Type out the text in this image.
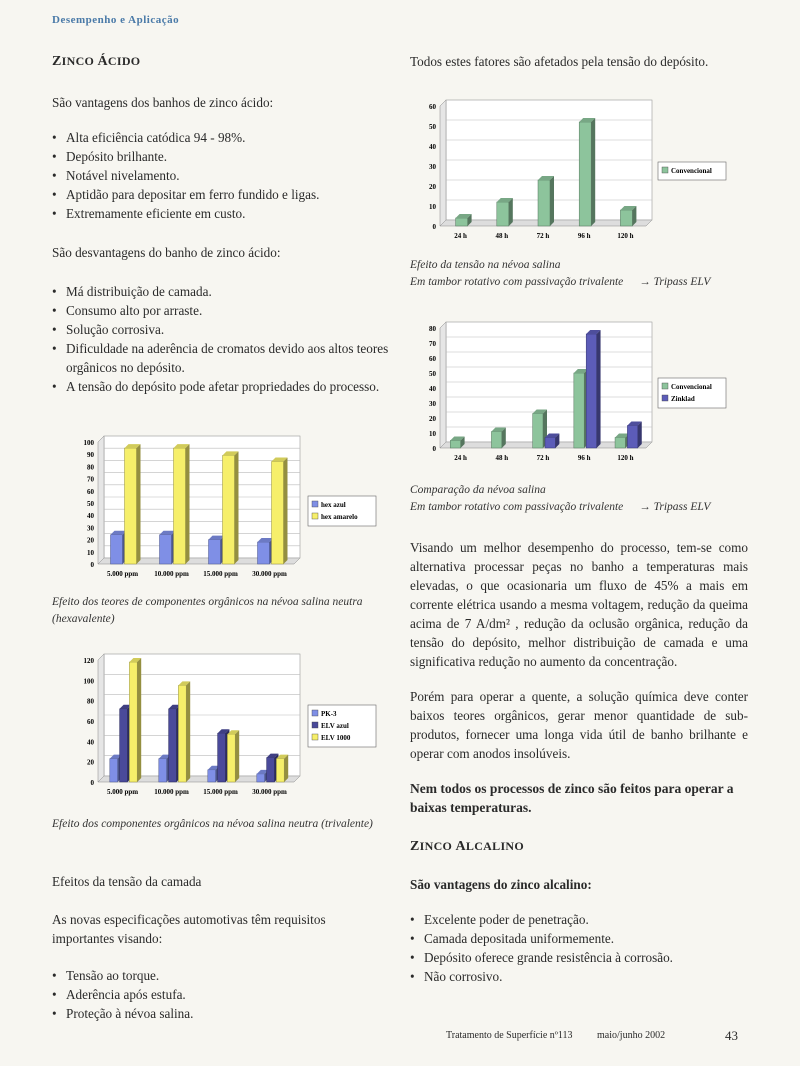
Desempenho e Aplicação
ZINCO ÁCIDO

São vantagens dos banhos de zinco ácido:

• Alta eficiência catódica 94 - 98%.
• Depósito brilhante.
• Notável nivelamento.
• Aptidão para depositar em ferro fundido e ligas.
• Extremamente eficiente em custo.

São desvantagens do banho de zinco ácido:

• Má distribuição de camada.
• Consumo alto por arraste.
• Solução corrosiva.
• Dificuldade na aderência de cromatos devido aos altos teores orgânicos no depósito.
• A tensão do depósito pode afetar propriedades do processo.
0
10
20
30
40
50
60
70
80
90
100
5.000 ppm 10.000 ppm 15.000 ppm 30.000 ppm
hex azul
hex amarelo
Efeito dos teores de componentes orgânicos na névoa salina neutra (hexavalente)
0
20
40
60
80
100
120
5.000 ppm 10.000 ppm 15.000 ppm 30.000 ppm
PK-3
ELV azul
ELV 1000
Efeito dos componentes orgânicos na névoa salina neutra (trivalente)

Efeitos da tensão da camada

As novas especificações automotivas têm requisitos importantes visando:

• Tensão ao torque.
• Aderência após estufa.
• Proteção à névoa salina.

Todos estes fatores são afetados pela tensão do depósito.

0
10
20
30
40
50
60
24 h	48 h	72 h	96 h	120 h
Convencional
Efeito da tensão na névoa salina
Em tambor rotativo com passivação trivalente → Tripass ELV
0
10
20
30
40
50
60
70
80
24 h	48 h	72 h	96 h	120 h
Convencional
Zinklad
Comparação da névoa salina
Em tambor rotativo com passivação trivalente → Tripass ELV

Visando um melhor desempenho do processo, tem-se como alternativa processar peças no banho a temperaturas mais elevadas, o que ocasionaria um fluxo de 45% a mais em corrente elétrica usando a mesma voltagem, redução da queima acima de 7 A/dm² , redução da oclusão orgânica, redução da tensão do depósito, melhor distribuição de camada e uma significativa redução no aumento da concentração.

Porém para operar a quente, a solução química deve conter baixos teores orgânicos, gerar menor quantidade de sub-produtos, fornecer uma longa vida útil de banho brilhante e operar com anodos insolúveis.

Nem todos os processos de zinco são feitos para operar a baixas temperaturas.

ZINCO ALCALINO

São vantagens do zinco alcalino:

• Excelente poder de penetração.
• Camada depositada uniformemente.
• Depósito oferece grande resistência à corrosão.
• Não corrosivo.
Tratamento de Superfície nº113 maio/junho 2002	43
